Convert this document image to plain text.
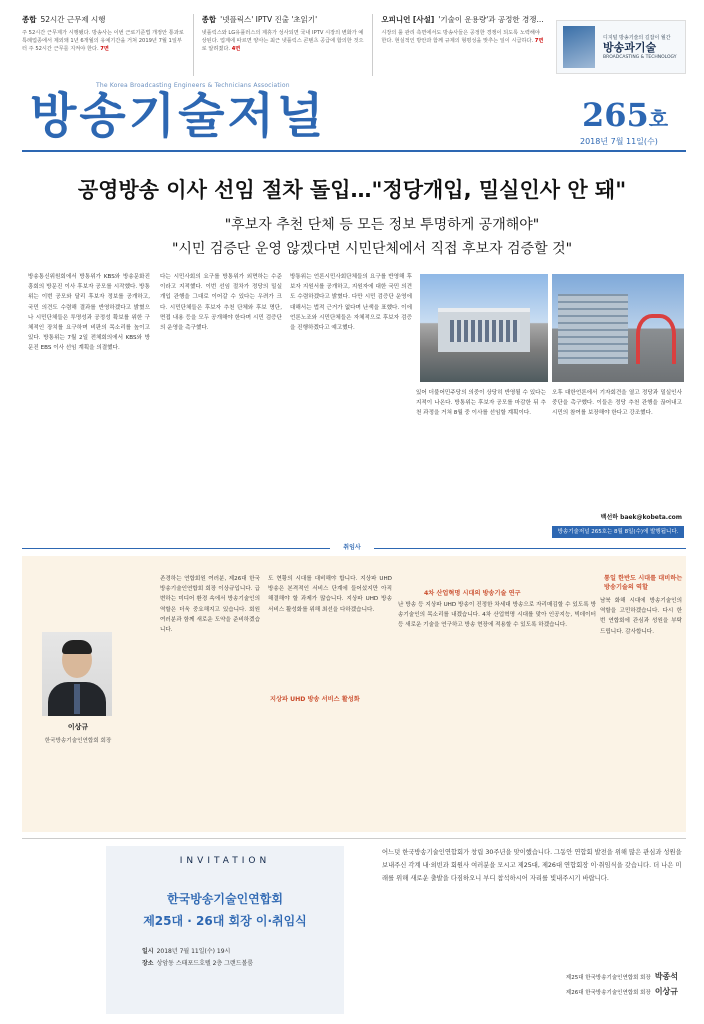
종합 52시간 근무제 시행
주 52시간 근무제가 시행됐다. 방송사는 이번 근로기준법 개정안 통과로 특례업종에서 제외돼 1년 6개월의 유예기간을 거쳐 2019년 7월 1일부터 주 52시간 근무를 지켜야 한다. 7면
종합 '넷플릭스' IPTV 진출 '초읽기'
넷플릭스와 LG유플러스의 제휴가 성사되면 국내 IPTV 시장의 변화가 예상된다. 업계에 따르면 양사는 최근 넷플릭스 콘텐츠 공급에 합의한 것으로 알려졌다. 4면
오피니언 [사설] '기술이 운용량'과 공정한 경쟁...
시장의 룰 관리 측면에서도 방송사들은 공정한 경쟁이 되도록 노력해야 한다. 현실적인 방안과 함께 규제의 형평성을 맞추는 일이 시급하다. 7면	디지털 방송기술의 길잡이 월간
방송과기술
BROADCASTING & TECHNOLOGY
The Korea Broadcasting Engineers & Technicians Association
방송기술저널	265호
2018년 7월 11일(수)
공영방송 이사 선임 절차 돌입…"정당개입, 밀실인사 안 돼"
"후보자 추천 단체 등 모든 정보 투명하게 공개해야"
"시민 검증단 운영 않겠다면 시민단체에서 직접 후보자 검증할 것"
방송통신위원회에서 방통위가 KBS와 방송문화진흥회의 방문진 이사 후보자 공모를 시작했다. 방통위는 이번 공모와 달리 후보자 정보를 공개하고, 국민 의견도 수렴해 결과를 반영하겠다고 밝혔으나 시민단체들은 투명성과 공정성 확보를 위한 구체적인 장치를 요구하며 비판의 목소리를 높이고 있다. 방통위는 7월 2일 전체회의에서 KBS와 방문진 EBS 이사 선임 계획을 의결했다.
다는 시민사회의 요구를 방통위가 외면하는 수준이라고 지적했다. 이번 선임 절차가 정당의 밀실 개입 관행을 그대로 이어갈 수 있다는 우려가 크다. 시민단체들은 후보자 추천 단체와 후보 명단, 면접 내용 등을 모두 공개해야 한다며 시민 검증단의 운영을 촉구했다.
방통위는 언론시민사회단체들의 요구를 반영해 후보자 지원서를 공개하고, 지원자에 대한 국민 의견도 수렴하겠다고 밝혔다. 다만 시민 검증단 운영에 대해서는 법적 근거가 없다며 난색을 표했다. 이에 언론노조와 시민단체들은 자체적으로 후보자 검증을 진행하겠다고 예고했다.
있어 더불어민주당의 의중이 상당히 반영될 수 있다는 지적이 나온다. 방통위는 후보자 공모를 마감한 뒤 추천 과정을 거쳐 8월 중 이사를 선임할 계획이다.
오후 대한언론에서 기자회견을 열고 정당과 밀실인사 중단을 촉구했다. 이들은 정당 추천 관행을 끊어내고 시민의 참여를 보장해야 한다고 강조했다.
백선하 baek@kobeta.com
방송기술저널 265호는 8월 8일(수)에 발행됩니다.
취임사
이상규
한국방송기술인연합회 회장
존경하는 연합회원 여러분, 제26대 한국방송기술인연합회 회장 이상규입니다. 급변하는 미디어 환경 속에서 방송기술인의 역할은 더욱 중요해지고 있습니다. 회원 여러분과 함께 새로운 도약을 준비하겠습니다.
도 현황의 시대를 대비해야 합니다. 지상파 UHD 방송은 본격적인 서비스 단계에 들어섰지만 아직 해결해야 할 과제가 많습니다. 지상파 UHD 방송 서비스 활성화를 위해 최선을 다하겠습니다.
지상파 UHD 방송 서비스 활성화
난 방송 등 지상파 UHD 방송이 진정한 차세대 방송으로 자리매김할 수 있도록 방송기술인의 목소리를 내겠습니다. 4차 산업혁명 시대를 맞아 인공지능, 빅데이터 등 새로운 기술을 연구하고 방송 현장에 적용할 수 있도록 하겠습니다.
4차 산업혁명 시대의 방송기술 연구
남북 화해 시대에 방송기술인의 역할을 고민하겠습니다. 다시 한번 연합회에 관심과 성원을 부탁드립니다. 감사합니다.
통일 한반도 시대를 대비하는 방송기술의 역할
INVITATION
한국방송기술인연합회
제25대 · 26대 회장 이·취임식
일시 2018년 7월 11일(수) 19시
장소 상암동 스태포드호텔 2층 그랜드볼룸
어느덧 한국방송기술인연합회가 창립 30주년을 맞이했습니다. 그동안 연합회 발전을 위해 많은 관심과 성원을 보내주신 각계 내·외빈과 회원사 여러분을 모시고 제25대, 제26대 연합회장 이·취임식을 갖습니다. 더 나은 미래를 위해 새로운 출발을 다짐하오니 부디 참석하시어 자리를 빛내주시기 바랍니다.
제25대 한국방송기술인연합회 회장 박종석
제26대 한국방송기술인연합회 회장 이상규
